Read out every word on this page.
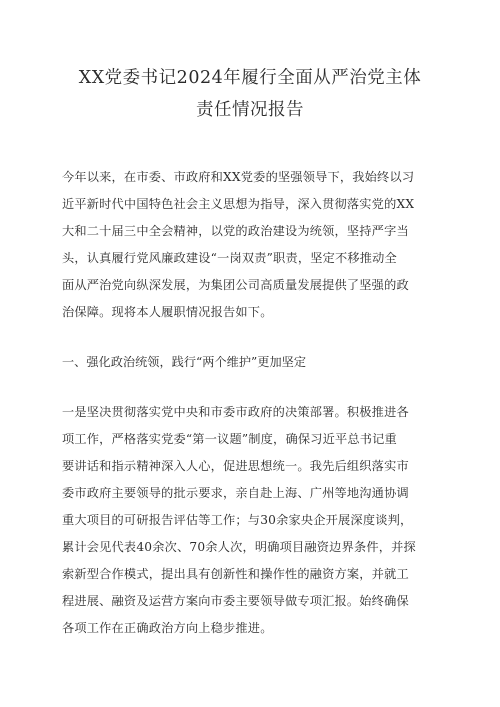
XX党委书记2024年履行全面从严治党主体
责任情况报告
今年以来，在市委、市政府和XX党委的坚强领导下，我始终以习
近平新时代中国特色社会主义思想为指导，深入贯彻落实党的XX
大和二十届三中全会精神，以党的政治建设为统领，坚持严字当
头，认真履行党风廉政建设“一岗双责”职责，坚定不移推动全
面从严治党向纵深发展，为集团公司高质量发展提供了坚强的政
治保障。现将本人履职情况报告如下。
一、强化政治统领，践行“两个维护”更加坚定
一是坚决贯彻落实党中央和市委市政府的决策部署。积极推进各
项工作，严格落实党委“第一议题”制度，确保习近平总书记重
要讲话和指示精神深入人心，促进思想统一。我先后组织落实市
委市政府主要领导的批示要求，亲自赴上海、广州等地沟通协调
重大项目的可研报告评估等工作；与30余家央企开展深度谈判，
累计会见代表40余次、70余人次，明确项目融资边界条件，并探
索新型合作模式，提出具有创新性和操作性的融资方案，并就工
程进展、融资及运营方案向市委主要领导做专项汇报。始终确保
各项工作在正确政治方向上稳步推进。
